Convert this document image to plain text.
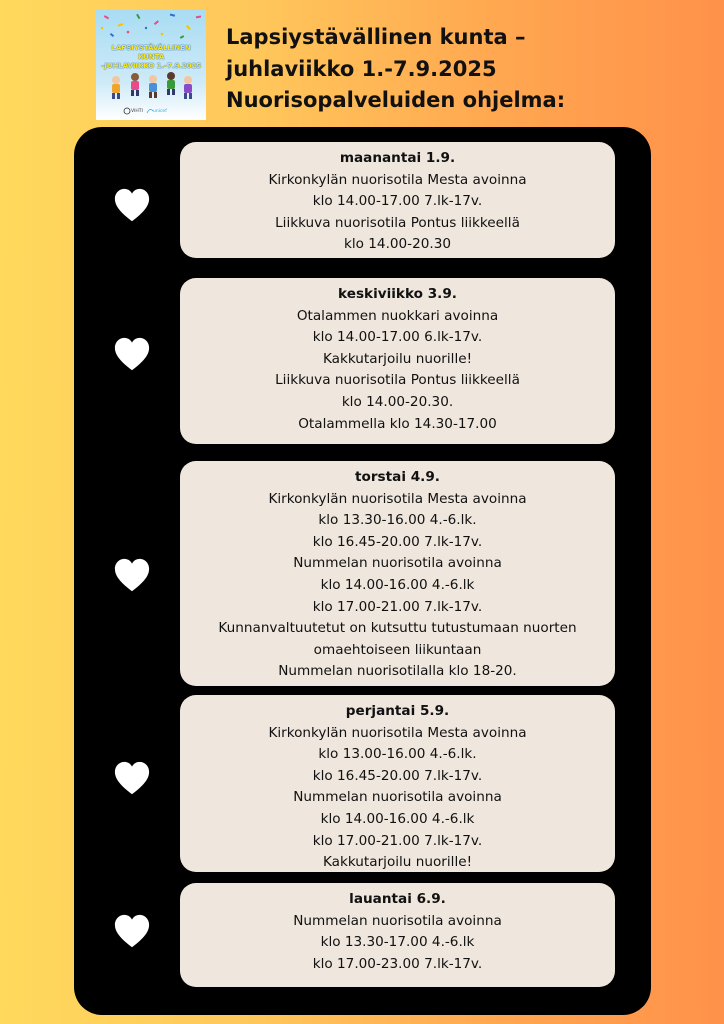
LAPSIYSTÄVÄLLINEN KUNTA
–JUHLAVIIKKO 1.–7.9.2025
VIHTI unicef
Lapsiystävällinen kunta –
juhlaviikko 1.-7.9.2025
Nuorisopalveluiden ohjelma:
maanantai 1.9.
Kirkonkylän nuorisotila Mesta avoinna
klo 14.00-17.00 7.lk-17v.
Liikkuva nuorisotila Pontus liikkeellä
klo 14.00-20.30
keskiviikko 3.9.
Otalammen nuokkari avoinna
klo 14.00-17.00 6.lk-17v.
Kakkutarjoilu nuorille!
Liikkuva nuorisotila Pontus liikkeellä
klo 14.00-20.30.
Otalammella klo 14.30-17.00
torstai 4.9.
Kirkonkylän nuorisotila Mesta avoinna
klo 13.30-16.00 4.-6.lk.
klo 16.45-20.00 7.lk-17v.
Nummelan nuorisotila avoinna
klo 14.00-16.00 4.-6.lk
klo 17.00-21.00 7.lk-17v.
Kunnanvaltuutetut on kutsuttu tutustumaan nuorten
omaehtoiseen liikuntaan
Nummelan nuorisotilalla klo 18-20.
perjantai 5.9.
Kirkonkylän nuorisotila Mesta avoinna
klo 13.00-16.00 4.-6.lk.
klo 16.45-20.00 7.lk-17v.
Nummelan nuorisotila avoinna
klo 14.00-16.00 4.-6.lk
klo 17.00-21.00 7.lk-17v.
Kakkutarjoilu nuorille!
lauantai 6.9.
Nummelan nuorisotila avoinna
klo 13.30-17.00 4.-6.lk
klo 17.00-23.00 7.lk-17v.
